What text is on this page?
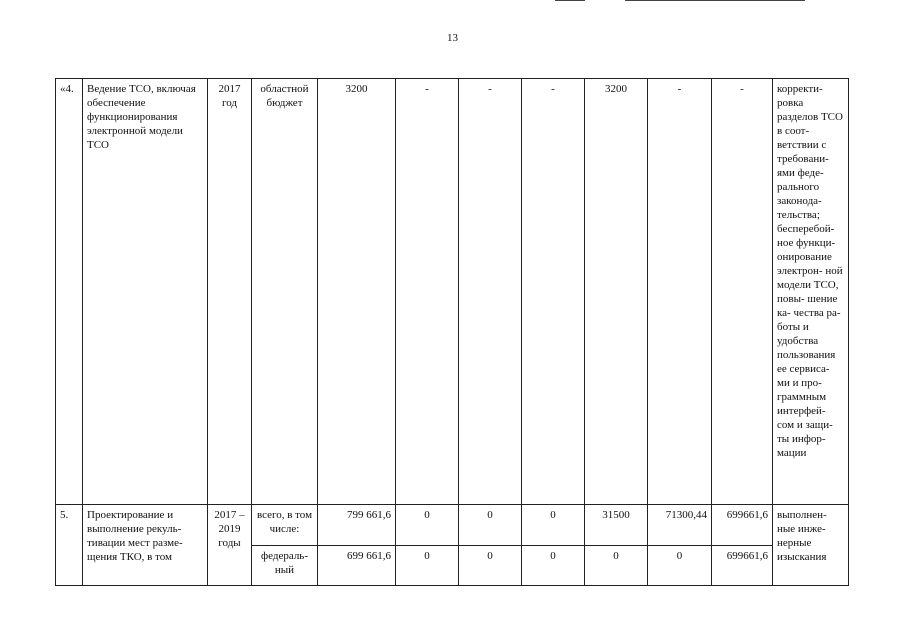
13
«4.	Ведение ТСО, включая обеспечение функционирования электронной модели ТСО	2017 год	областной бюджет	3200	-	-	-	3200	-	-	корректи- ровка разделов ТСО в соот- ветствии с требовани- ями феде- рального законода- тельства; бесперебой- ное функци- онирование электрон- ной модели ТСО, повы- шение ка- чества ра- боты и удобства пользования ее сервиса- ми и про- граммным интерфей- сом и защи- ты инфор- мации
5.	Проектирование и выполнение рекуль- тивации мест разме- щения ТКО, в том	2017 – 2019 годы	всего, в том числе:	799 661,6	0	0	0	31500	71300,44	699661,6	выполнен- ные инже- нерные изыскания
			федераль- ный	699 661,6	0	0	0	0	0	699661,6	
